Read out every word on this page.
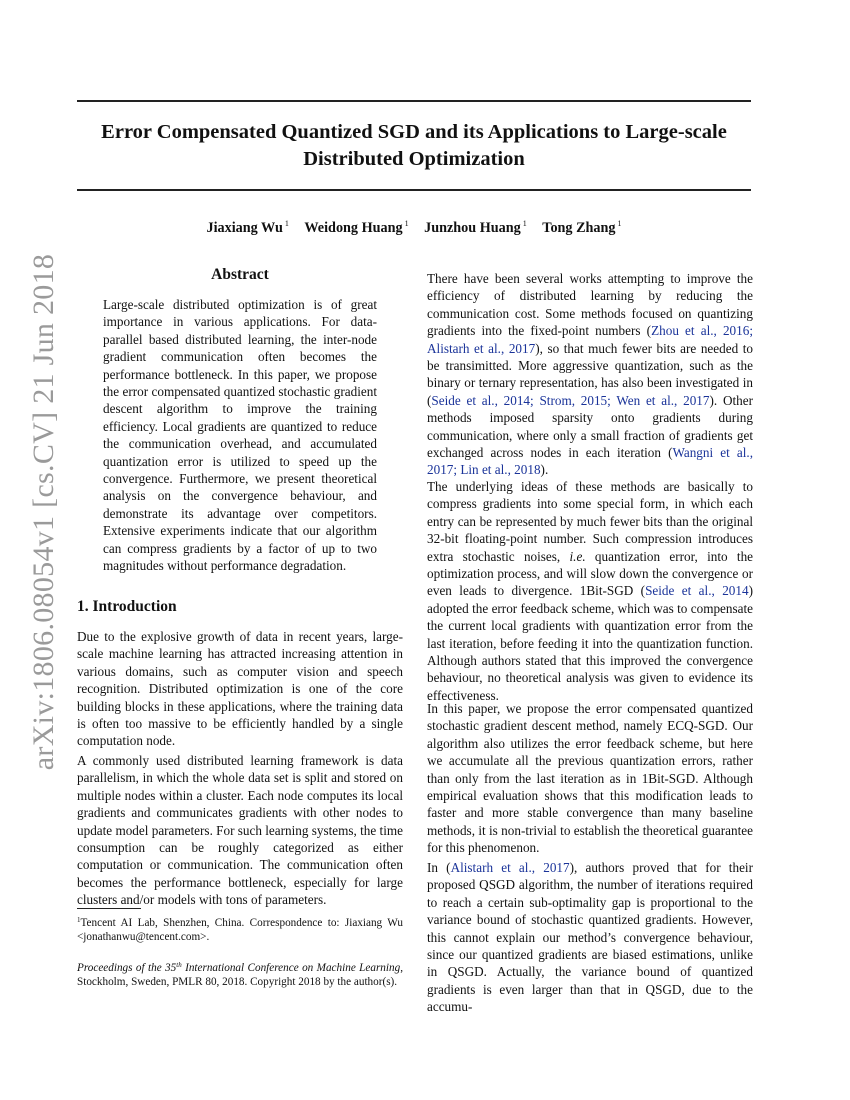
Error Compensated Quantized SGD and its Applications to Large-scale
Distributed Optimization
Jiaxiang Wu $^1$ Weidong Huang $^1$ Junzhou Huang $^1$ Tong Zhang $^1$
arXiv:1806.08054v1 [cs.CV] 21 Jun 2018	Abstract

Large-scale distributed optimization is of great importance in various applications. For data-parallel based distributed learning, the inter-node gradient communication often becomes the performance bottleneck. In this paper, we propose the error compensated quantized stochastic gradient descent algorithm to improve the training efficiency. Local gradients are quantized to reduce the communication overhead, and accumulated quantization error is utilized to speed up the convergence. Furthermore, we present theoretical analysis on the convergence behaviour, and demonstrate its advantage over competitors. Extensive experiments indicate that our algorithm can compress gradients by a factor of up to two magnitudes without performance degradation.

1. Introduction

Due to the explosive growth of data in recent years, large-scale machine learning has attracted increasing attention in various domains, such as computer vision and speech recognition. Distributed optimization is one of the core building blocks in these applications, where the training data is often too massive to be efficiently handled by a single computation node.

A commonly used distributed learning framework is data parallelism, in which the whole data set is split and stored on multiple nodes within a cluster. Each node computes its local gradients and communicates gradients with other nodes to update model parameters. For such learning systems, the time consumption can be roughly categorized as either computation or communication. The communication often becomes the performance bottleneck, especially for large clusters and/or models with tons of parameters.

$^1$Tencent AI Lab, Shenzhen, China. Correspondence to: Jiaxiang Wu <jonathanwu@tencent.com>.

Proceedings of the 35th International Conference on Machine Learning, Stockholm, Sweden, PMLR 80, 2018. Copyright 2018 by the author(s).

There have been several works attempting to improve the efficiency of distributed learning by reducing the communication cost. Some methods focused on quantizing gradients into the fixed-point numbers (Zhou et al., 2016; Alistarh et al., 2017), so that much fewer bits are needed to be transimitted. More aggressive quantization, such as the binary or ternary representation, has also been investigated in (Seide et al., 2014; Strom, 2015; Wen et al., 2017). Other methods imposed sparsity onto gradients during communication, where only a small fraction of gradients get exchanged across nodes in each iteration (Wangni et al., 2017; Lin et al., 2018).

The underlying ideas of these methods are basically to compress gradients into some special form, in which each entry can be represented by much fewer bits than the original 32-bit floating-point number. Such compression introduces extra stochastic noises, i.e. quantization error, into the optimization process, and will slow down the convergence or even leads to divergence. 1Bit-SGD (Seide et al., 2014) adopted the error feedback scheme, which was to compensate the current local gradients with quantization error from the last iteration, before feeding it into the quantization function. Although authors stated that this improved the convergence behaviour, no theoretical analysis was given to evidence its effectiveness.

In this paper, we propose the error compensated quantized stochastic gradient descent method, namely ECQ-SGD. Our algorithm also utilizes the error feedback scheme, but here we accumulate all the previous quantization errors, rather than only from the last iteration as in 1Bit-SGD. Although empirical evaluation shows that this modification leads to faster and more stable convergence than many baseline methods, it is non-trivial to establish the theoretical guarantee for this phenomenon.

In (Alistarh et al., 2017), authors proved that for their proposed QSGD algorithm, the number of iterations required to reach a certain sub-optimality gap is proportional to the variance bound of stochastic quantized gradients. However, this cannot explain our method’s convergence behaviour, since our quantized gradients are biased estimations, unlike in QSGD. Actually, the variance bound of quantized gradients is even larger than that in QSGD, due to the accumu-
